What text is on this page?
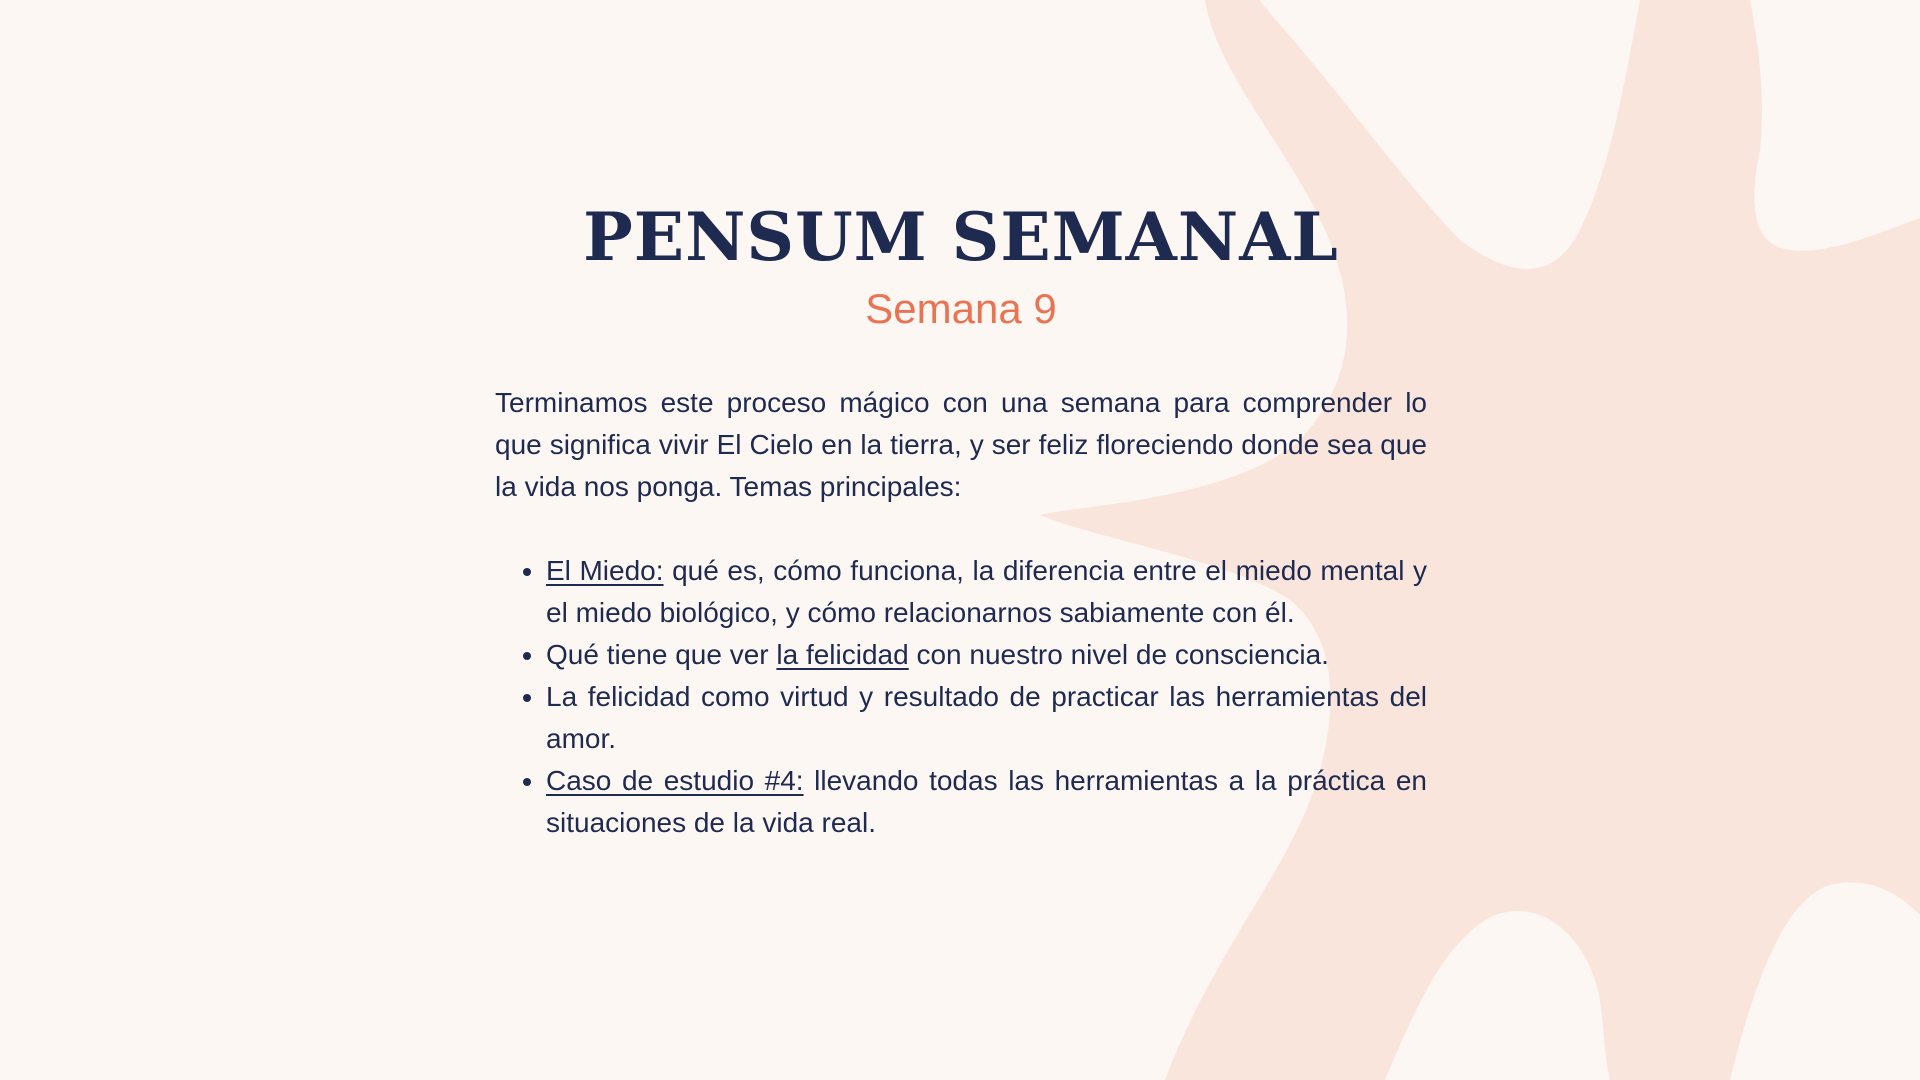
PENSUM SEMANAL
Semana 9

Terminamos este proceso mágico con una semana para comprender lo que significa vivir El Cielo en la tierra, y ser feliz floreciendo donde sea que la vida nos ponga. Temas principales:

• El Miedo: qué es, cómo funciona, la diferencia entre el miedo mental y el miedo biológico, y cómo relacionarnos sabiamente con él.
• Qué tiene que ver la felicidad con nuestro nivel de consciencia.
• La felicidad como virtud y resultado de practicar las herramientas del amor.
• Caso de estudio #4: llevando todas las herramientas a la práctica en situaciones de la vida real.
